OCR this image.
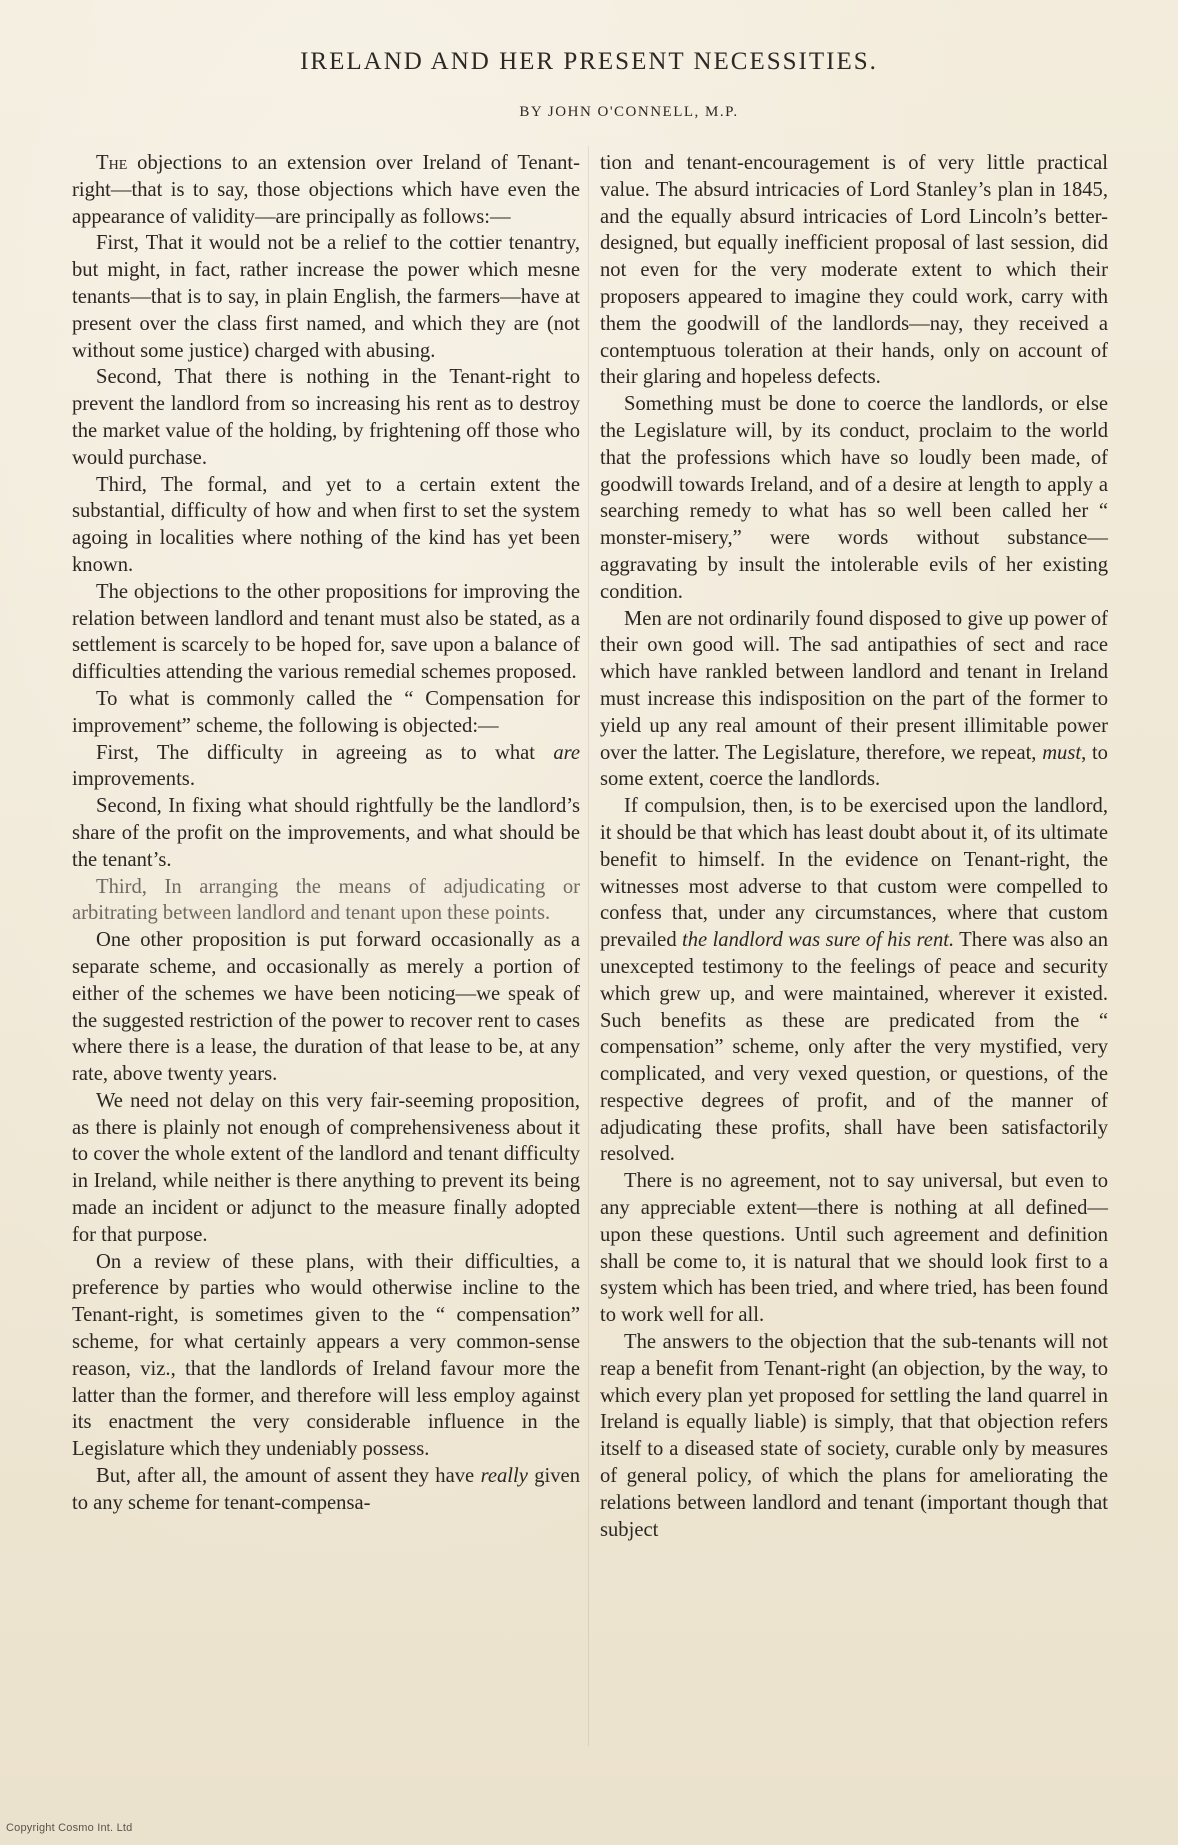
IRELAND AND HER PRESENT NECESSITIES.
BY JOHN O'CONNELL, M.P.

The objections to an extension over Ireland of Tenant-right—that is to say, those objections which have even the appearance of validity—are principally as follows:—

First, That it would not be a relief to the cottier tenantry, but might, in fact, rather increase the power which mesne tenants—that is to say, in plain English, the farmers—have at present over the class first named, and which they are (not without some justice) charged with abusing.

Second, That there is nothing in the Tenant-right to prevent the landlord from so increasing his rent as to destroy the market value of the holding, by frightening off those who would purchase.

Third, The formal, and yet to a certain extent the substantial, difficulty of how and when first to set the system agoing in localities where nothing of the kind has yet been known.

The objections to the other propositions for improving the relation between landlord and tenant must also be stated, as a settlement is scarcely to be hoped for, save upon a balance of difficulties attending the various remedial schemes proposed.

To what is commonly called the “ Compensation for improvement” scheme, the following is objected:—

First, The difficulty in agreeing as to what are improvements.

Second, In fixing what should rightfully be the landlord’s share of the profit on the improvements, and what should be the tenant’s.

Third, In arranging the means of adjudicating or arbitrating between landlord and tenant upon these points.

One other proposition is put forward occasionally as a separate scheme, and occasionally as merely a portion of either of the schemes we have been noticing—we speak of the suggested restriction of the power to recover rent to cases where there is a lease, the duration of that lease to be, at any rate, above twenty years.

We need not delay on this very fair-seeming proposition, as there is plainly not enough of comprehensiveness about it to cover the whole extent of the landlord and tenant difficulty in Ireland, while neither is there anything to prevent its being made an incident or adjunct to the measure finally adopted for that purpose.

On a review of these plans, with their difficulties, a preference by parties who would otherwise incline to the Tenant-right, is sometimes given to the “ compensation” scheme, for what certainly appears a very common-sense reason, viz., that the landlords of Ireland favour more the latter than the former, and therefore will less employ against its enactment the very considerable influence in the Legislature which they undeniably possess.

But, after all, the amount of assent they have really given to any scheme for tenant-compensa-

tion and tenant-encouragement is of very little practical value. The absurd intricacies of Lord Stanley’s plan in 1845, and the equally absurd intricacies of Lord Lincoln’s better-designed, but equally inefficient proposal of last session, did not even for the very moderate extent to which their proposers appeared to imagine they could work, carry with them the goodwill of the landlords—nay, they received a contemptuous toleration at their hands, only on account of their glaring and hopeless defects.

Something must be done to coerce the landlords, or else the Legislature will, by its conduct, proclaim to the world that the professions which have so loudly been made, of goodwill towards Ireland, and of a desire at length to apply a searching remedy to what has so well been called her “ monster-misery,” were words without substance—aggravating by insult the intolerable evils of her existing condition.

Men are not ordinarily found disposed to give up power of their own good will. The sad antipathies of sect and race which have rankled between landlord and tenant in Ireland must increase this indisposition on the part of the former to yield up any real amount of their present illimitable power over the latter. The Legislature, therefore, we repeat, must, to some extent, coerce the landlords.

If compulsion, then, is to be exercised upon the landlord, it should be that which has least doubt about it, of its ultimate benefit to himself. In the evidence on Tenant-right, the witnesses most adverse to that custom were compelled to confess that, under any circumstances, where that custom prevailed the landlord was sure of his rent. There was also an unexcepted testimony to the feelings of peace and security which grew up, and were maintained, wherever it existed. Such benefits as these are predicated from the “ compensation” scheme, only after the very mystified, very complicated, and very vexed question, or questions, of the respective degrees of profit, and of the manner of adjudicating these profits, shall have been satisfactorily resolved.

There is no agreement, not to say universal, but even to any appreciable extent—there is nothing at all defined—upon these questions. Until such agreement and definition shall be come to, it is natural that we should look first to a system which has been tried, and where tried, has been found to work well for all.

The answers to the objection that the sub-tenants will not reap a benefit from Tenant-right (an objection, by the way, to which every plan yet proposed for settling the land quarrel in Ireland is equally liable) is simply, that that objection refers itself to a diseased state of society, curable only by measures of general policy, of which the plans for ameliorating the relations between landlord and tenant (important though that subject

Copyright Cosmo Int. Ltd
